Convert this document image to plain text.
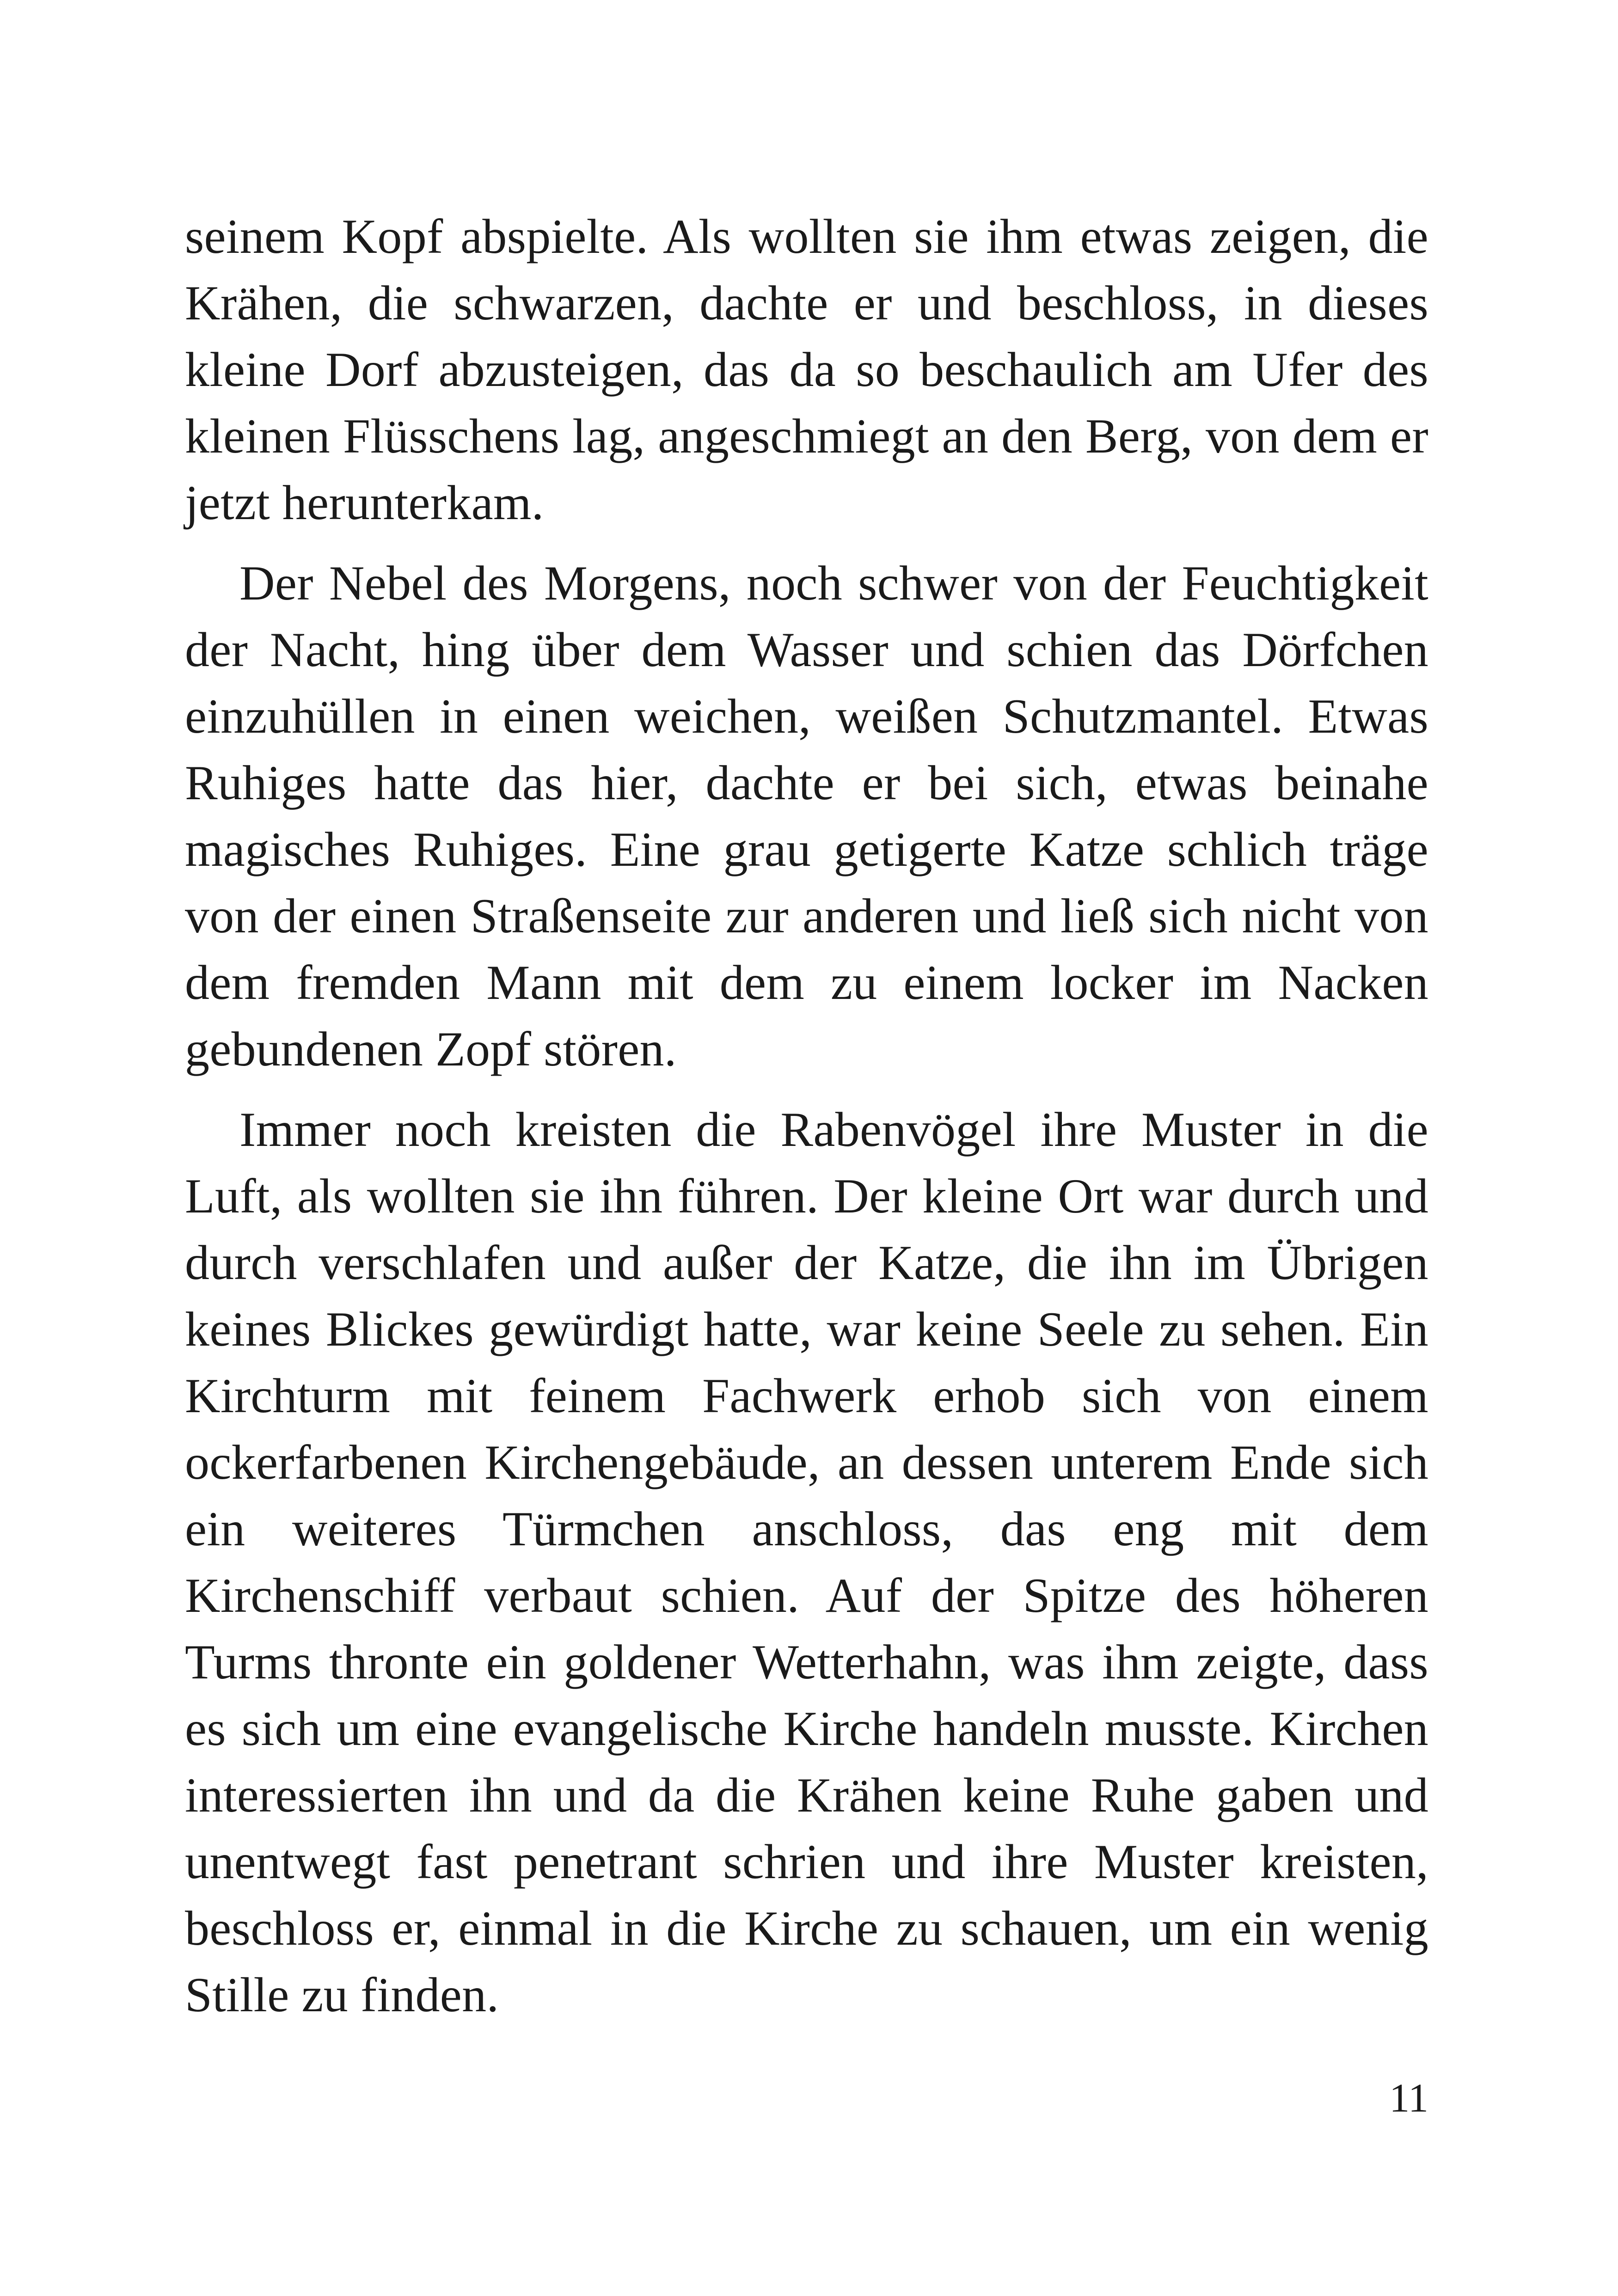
seinem Kopf abspielte. Als wollten sie ihm etwas zeigen, die Krähen, die schwarzen, dachte er und beschloss, in dieses kleine Dorf abzusteigen, das da so beschaulich am Ufer des kleinen Flüsschens lag, angeschmiegt an den Berg, von dem er jetzt herunterkam.

Der Nebel des Morgens, noch schwer von der Feuchtigkeit der Nacht, hing über dem Wasser und schien das Dörfchen einzuhüllen in einen weichen, weißen Schutzmantel. Etwas Ruhiges hatte das hier, dachte er bei sich, etwas beinahe magisches Ruhiges. Eine grau getigerte Katze schlich träge von der einen Straßenseite zur anderen und ließ sich nicht von dem fremden Mann mit dem zu einem locker im Nacken gebundenen Zopf stören.

Immer noch kreisten die Rabenvögel ihre Muster in die Luft, als wollten sie ihn führen. Der kleine Ort war durch und durch verschlafen und außer der Katze, die ihn im Übrigen keines Blickes gewürdigt hatte, war keine Seele zu sehen. Ein Kirchturm mit feinem Fachwerk erhob sich von einem ockerfarbenen Kirchengebäude, an dessen unterem Ende sich ein weiteres Türmchen anschloss, das eng mit dem Kirchenschiff verbaut schien. Auf der Spitze des höheren Turms thronte ein goldener Wetterhahn, was ihm zeigte, dass es sich um eine evangelische Kirche handeln musste. Kirchen interessierten ihn und da die Krähen keine Ruhe gaben und unentwegt fast penetrant schrien und ihre Muster kreisten, beschloss er, einmal in die Kirche zu schauen, um ein wenig Stille zu finden.

11
